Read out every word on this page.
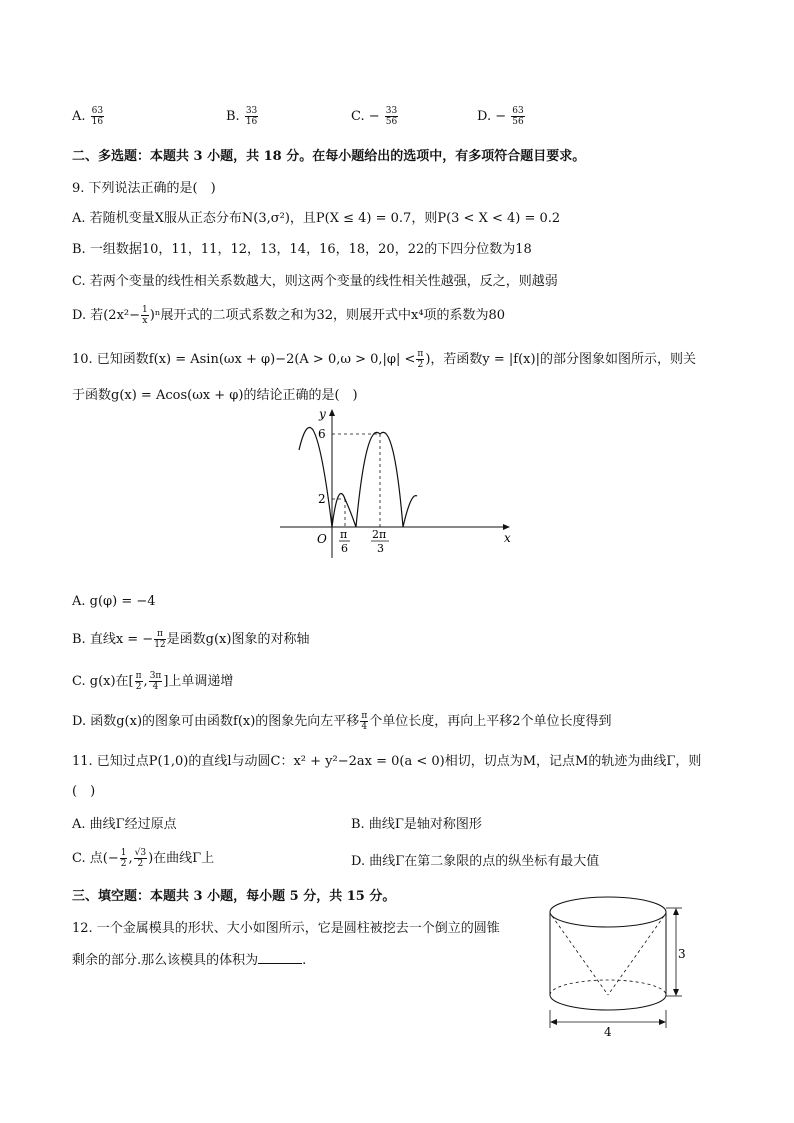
A. $\frac{63}{16}$	B. $\frac{33}{16}$	C. − $\frac{33}{56}$	D. − $\frac{63}{56}$
二、多选题：本题共 3 小题，共 18 分。在每小题给出的选项中，有多项符合题目要求。
9. 下列说法正确的是(　)
A. 若随机变量X服从正态分布N(3,σ²)，且P(X ≤ 4) = 0.7，则P(3 < X < 4) = 0.2
B. 一组数据10，11，11，12，13，14，16，18，20，22的下四分位数为18
C. 若两个变量的线性相关系数越大，则这两个变量的线性相关性越强，反之，则越弱
D. 若$(2x^2- \frac{1}{x} )^n$展开式的二项式系数之和为32，则展开式中x⁴项的系数为80
10. 已知函数$f(x) = Asin(\omega x + \varphi)-2(A > 0,\omega > 0,|\varphi| < \frac{\pi}{2}$ )，若函数y = |f(x)|的部分图象如图所示，则关
于函数g(x) = Acos(ωx + φ)的结论正确的是(　)
y
x
O
6
2
π
6
2π
3
A. g(φ) = −4
B. 直线x = − $\frac{\pi}{12}$ 是函数g(x)图象的对称轴
C. g(x)在[ $\frac{\pi}{2}$ , $\frac{3\pi}{4}$ ]上单调递增
D. 函数g(x)的图象可由函数f(x)的图象先向左平移 $\frac{\pi}{4}$ 个单位长度，再向上平移2个单位长度得到
11. 已知过点P(1,0)的直线l与动圆C：x² + y²−2ax = 0(a < 0)相切，切点为M，记点M的轨迹为曲线Γ，则
(　)
A. 曲线Γ经过原点	B. 曲线Γ是轴对称图形
C. 点(− $\frac{1}{2}$ , $\frac{√3}{2}$ )在曲线Γ上	D. 曲线Γ在第二象限的点的纵坐标有最大值
三、填空题：本题共 3 小题，每小题 5 分，共 15 分。
12. 一个金属模具的形状、大小如图所示，它是圆柱被挖去一个倒立的圆锥
剩余的部分.那么该模具的体积为	.	3
4
